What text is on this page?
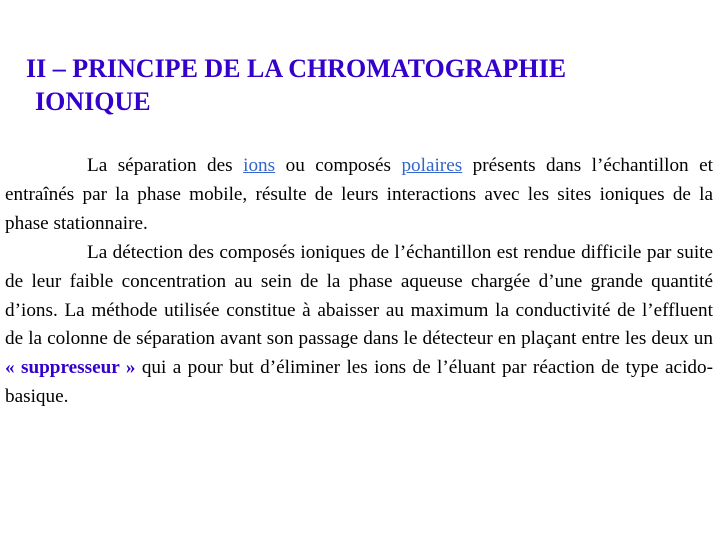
II – PRINCIPE DE LA CHROMATOGRAPHIE
IONIQUE

La séparation des ions ou composés polaires présents dans l’échantillon et entraînés par la phase mobile, résulte de leurs interactions avec les sites ioniques de la phase stationnaire.

La détection des composés ioniques de l’échantillon est rendue difficile par suite de leur faible concentration au sein de la phase aqueuse chargée d’une grande quantité d’ions. La méthode utilisée constitue à abaisser au maximum la conductivité de l’effluent de la colonne de séparation avant son passage dans le détecteur en plaçant entre les deux un « suppresseur » qui a pour but d’éliminer les ions de l’éluant par réaction de type acido-basique.
